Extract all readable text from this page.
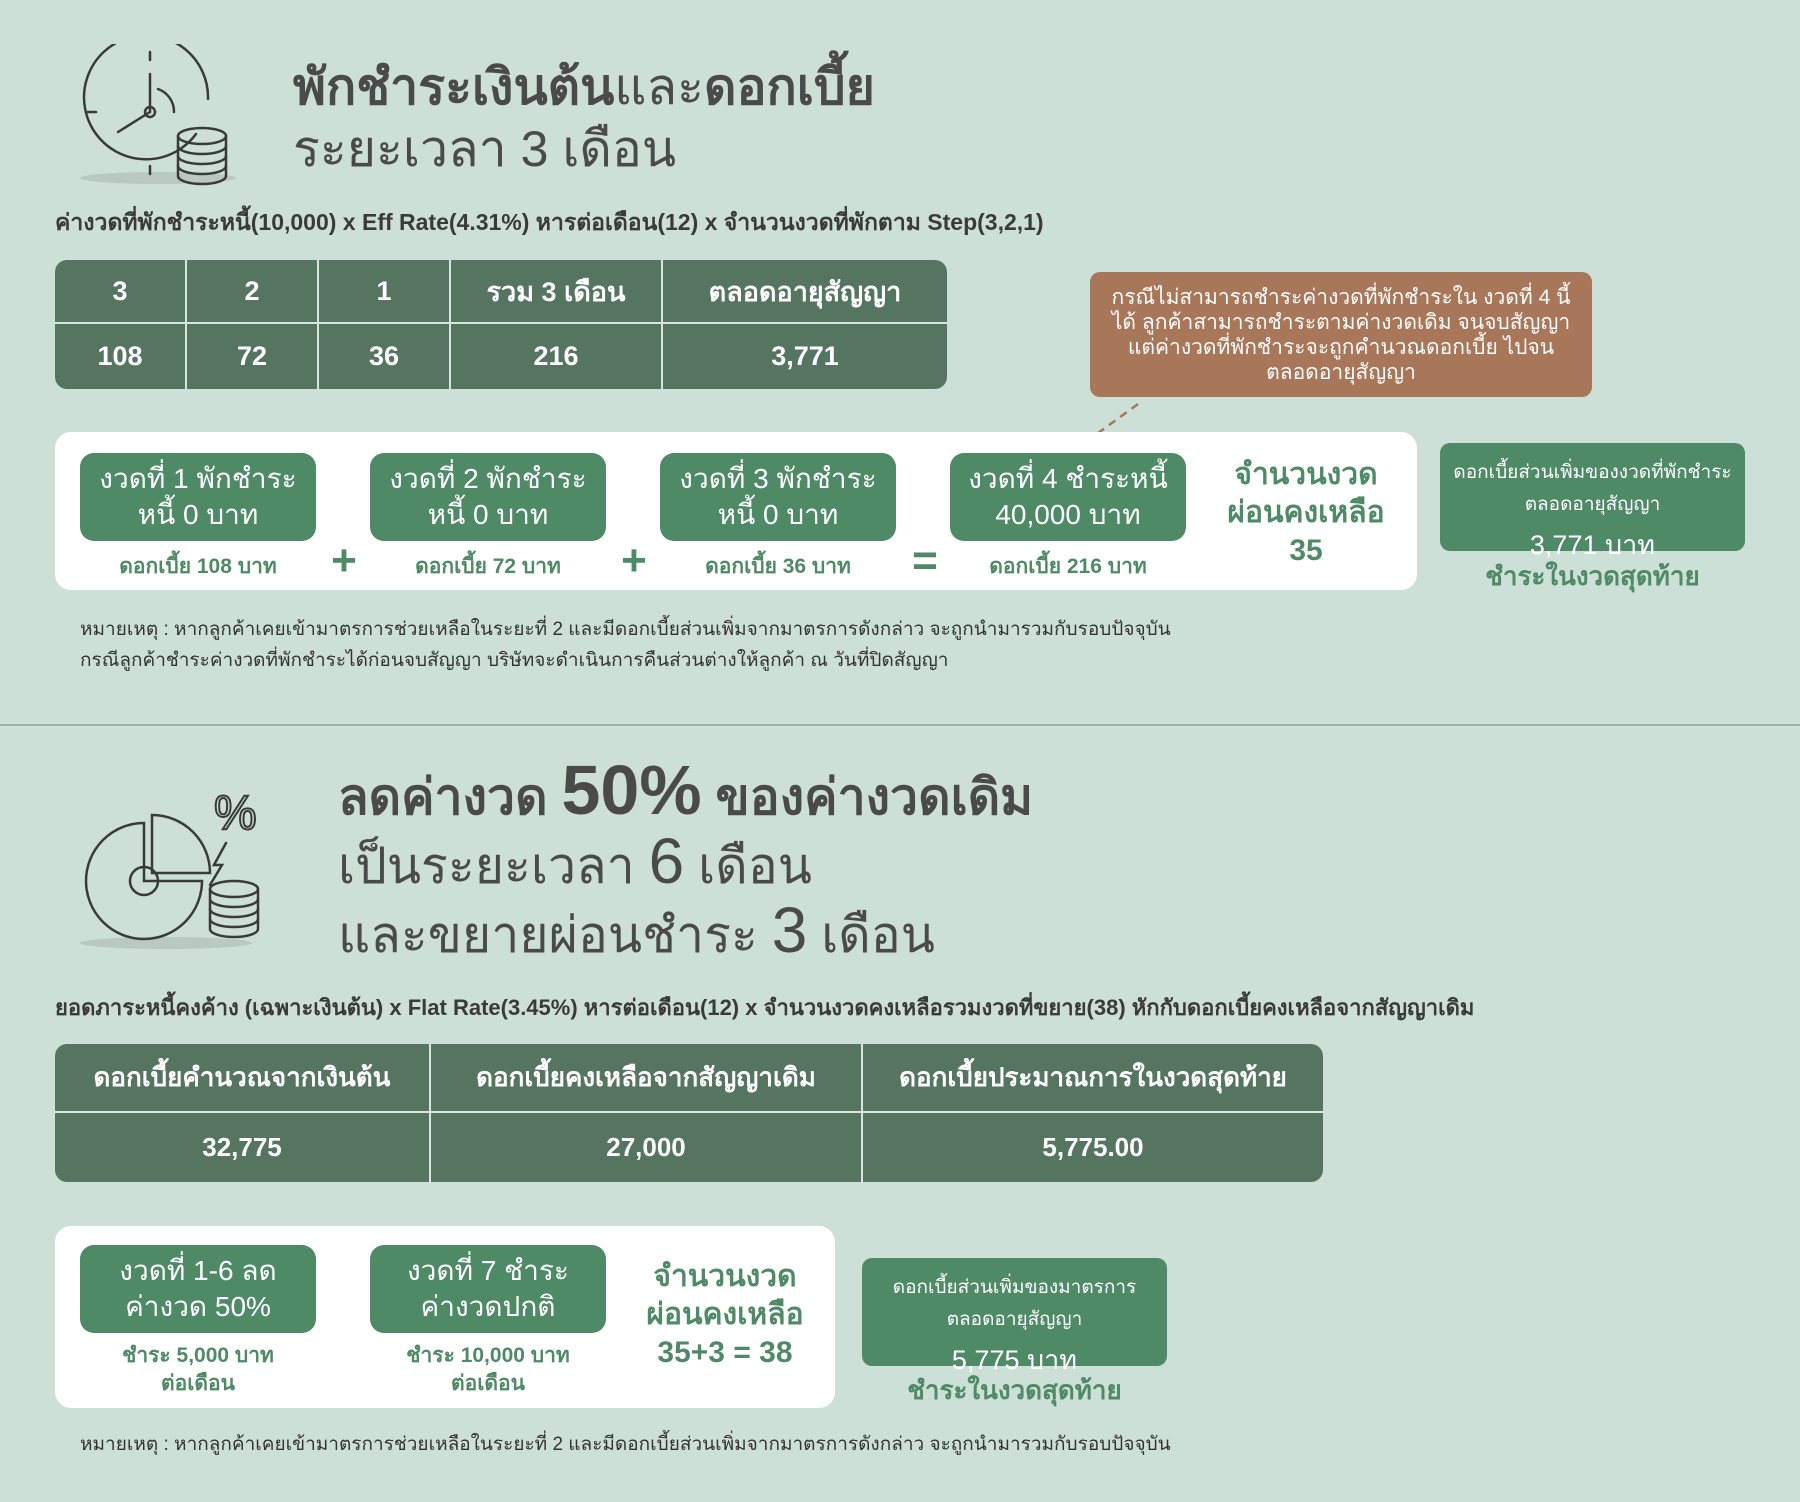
พักชำระเงินต้นและดอกเบี้ย
ระยะเวลา 3 เดือน
ค่างวดที่พักชำระหนี้(10,000) x Eff Rate(4.31%) หารต่อเดือน(12) x จำนวนงวดที่พักตาม Step(3,2,1)
3	2	1	รวม 3 เดือน	ตลอดอายุสัญญา
108	72	36	216	3,771
กรณีไม่สามารถชำระค่างวดที่พักชำระใน งวดที่ 4 นี้ได้ ลูกค้าสามารถชำระตามค่างวดเดิม จนจบสัญญา แต่ค่างวดที่พักชำระจะถูกคำนวณดอกเบี้ย ไปจนตลอดอายุสัญญา
งวดที่ 1 พักชำระ
หนี้ 0 บาท
ดอกเบี้ย 108 บาท	+
งวดที่ 2 พักชำระ
หนี้ 0 บาท
ดอกเบี้ย 72 บาท	+
งวดที่ 3 พักชำระ
หนี้ 0 บาท
ดอกเบี้ย 36 บาท	=
งวดที่ 4 ชำระหนี้
40,000 บาท
ดอกเบี้ย 216 บาท
จำนวนงวด
ผ่อนคงเหลือ
35
ดอกเบี้ยส่วนเพิ่มของงวดที่พักชำระ
ตลอดอายุสัญญา
3,771 บาท
ชำระในงวดสุดท้าย
หมายเหตุ : หากลูกค้าเคยเข้ามาตรการช่วยเหลือในระยะที่ 2 และมีดอกเบี้ยส่วนเพิ่มจากมาตรการดังกล่าว จะถูกนำมารวมกับรอบปัจจุบัน
กรณีลูกค้าชำระค่างวดที่พักชำระได้ก่อนจบสัญญา บริษัทจะดำเนินการคืนส่วนต่างให้ลูกค้า ณ วันที่ปิดสัญญา
% ลดค่างวด 50% ของค่างวดเดิม
เป็นระยะเวลา 6 เดือน
และขยายผ่อนชำระ 3 เดือน
ยอดภาระหนี้คงค้าง (เฉพาะเงินต้น) x Flat Rate(3.45%) หารต่อเดือน(12) x จำนวนงวดคงเหลือรวมงวดที่ขยาย(38) หักกับดอกเบี้ยคงเหลือจากสัญญาเดิม
ดอกเบี้ยคำนวณจากเงินต้น	ดอกเบี้ยคงเหลือจากสัญญาเดิม	ดอกเบี้ยประมาณการในงวดสุดท้าย
32,775	27,000	5,775.00
งวดที่ 1-6 ลด
ค่างวด 50%
ชำระ 5,000 บาท
ต่อเดือน
งวดที่ 7 ชำระ
ค่างวดปกติ
ชำระ 10,000 บาท
ต่อเดือน
จำนวนงวด
ผ่อนคงเหลือ
35+3 = 38
ดอกเบี้ยส่วนเพิ่มของมาตรการ
ตลอดอายุสัญญา
5,775 บาท
ชำระในงวดสุดท้าย
หมายเหตุ : หากลูกค้าเคยเข้ามาตรการช่วยเหลือในระยะที่ 2 และมีดอกเบี้ยส่วนเพิ่มจากมาตรการดังกล่าว จะถูกนำมารวมกับรอบปัจจุบัน
